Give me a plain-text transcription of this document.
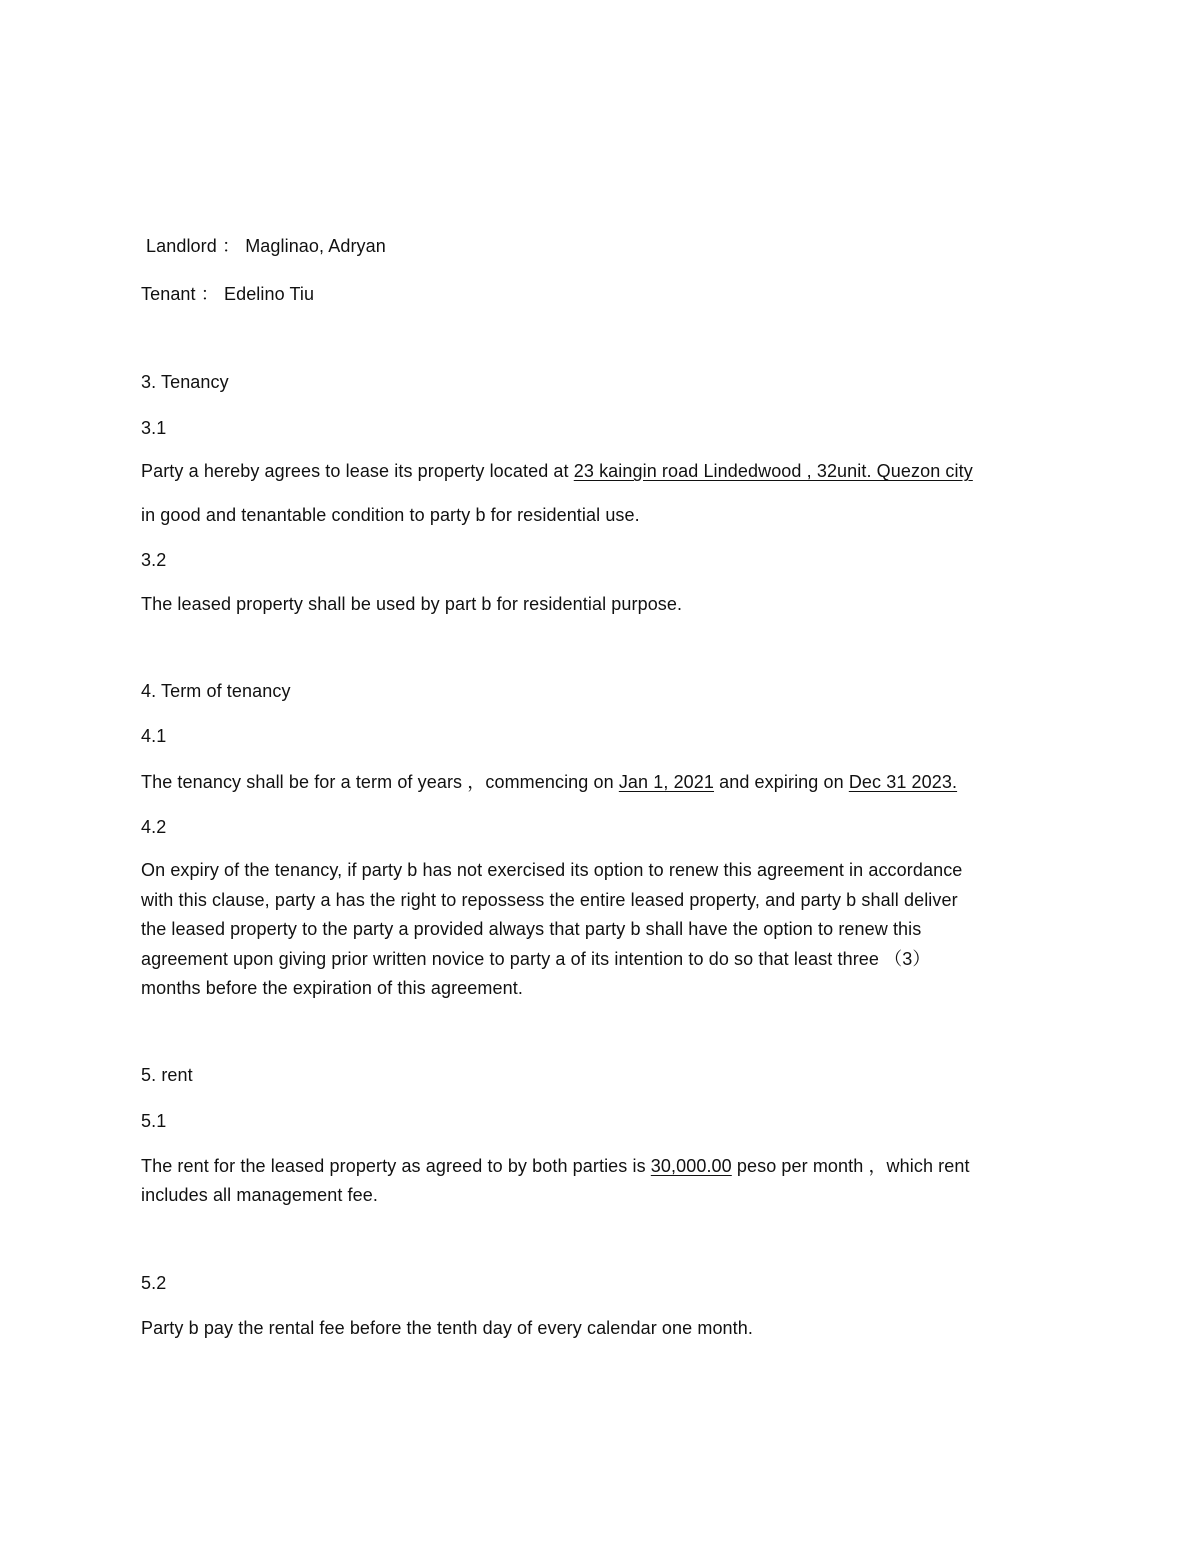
Landlord ： Maglinao, Adryan
Tenant ： Edelino Tiu
3. Tenancy
3.1
Party a hereby agrees to lease its property located at 23 kaingin road Lindedwood , 32unit. Quezon city
in good and tenantable condition to party b for residential use.
3.2
The leased property shall be used by part b for residential purpose.
4. Term of tenancy
4.1
The tenancy shall be for a term of years ，commencing on Jan 1, 2021 and expiring on Dec 31 2023.
4.2
On expiry of the tenancy, if party b has not exercised its option to renew this agreement in accordance
with this clause, party a has the right to repossess the entire leased property, and party b shall deliver
the leased property to the party a provided always that party b shall have the option to renew this
agreement upon giving prior written novice to party a of its intention to do so that least three （3）
months before the expiration of this agreement.
5. rent
5.1
The rent for the leased property as agreed to by both parties is 30,000.00 peso per month ，which rent
includes all management fee.
5.2
Party b pay the rental fee before the tenth day of every calendar one month.
